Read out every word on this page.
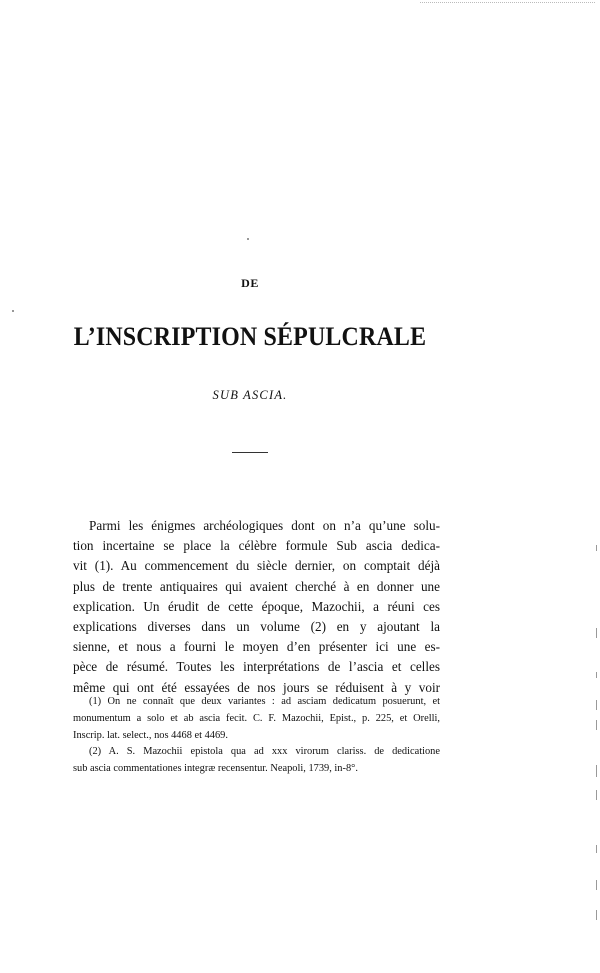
DE
L’INSCRIPTION SÉPULCRALE
SUB ASCIA.
Parmi les énigmes archéologiques dont on n’a qu’une solu-
tion incertaine se place la célèbre formule Sub ascia dedica-
vit (1). Au commencement du siècle dernier, on comptait déjà
plus de trente antiquaires qui avaient cherché à en donner une
explication. Un érudit de cette époque, Mazochii, a réuni ces
explications diverses dans un volume (2) en y ajoutant la
sienne, et nous a fourni le moyen d’en présenter ici une es-
pèce de résumé. Toutes les interprétations de l’ascia et celles
même qui ont été essayées de nos jours se réduisent à y voir
(1) On ne connaît que deux variantes : ad asciam dedicatum posuerunt, et
monumentum a solo et ab ascia fecit. C. F. Mazochii, Epist., p. 225, et Orelli,
Inscrip. lat. select., nos 4468 et 4469.
(2) A. S. Mazochii epistola qua ad xxx virorum clariss. de dedicatione
sub ascia commentationes integræ recensentur. Neapoli, 1739, in-8°.
